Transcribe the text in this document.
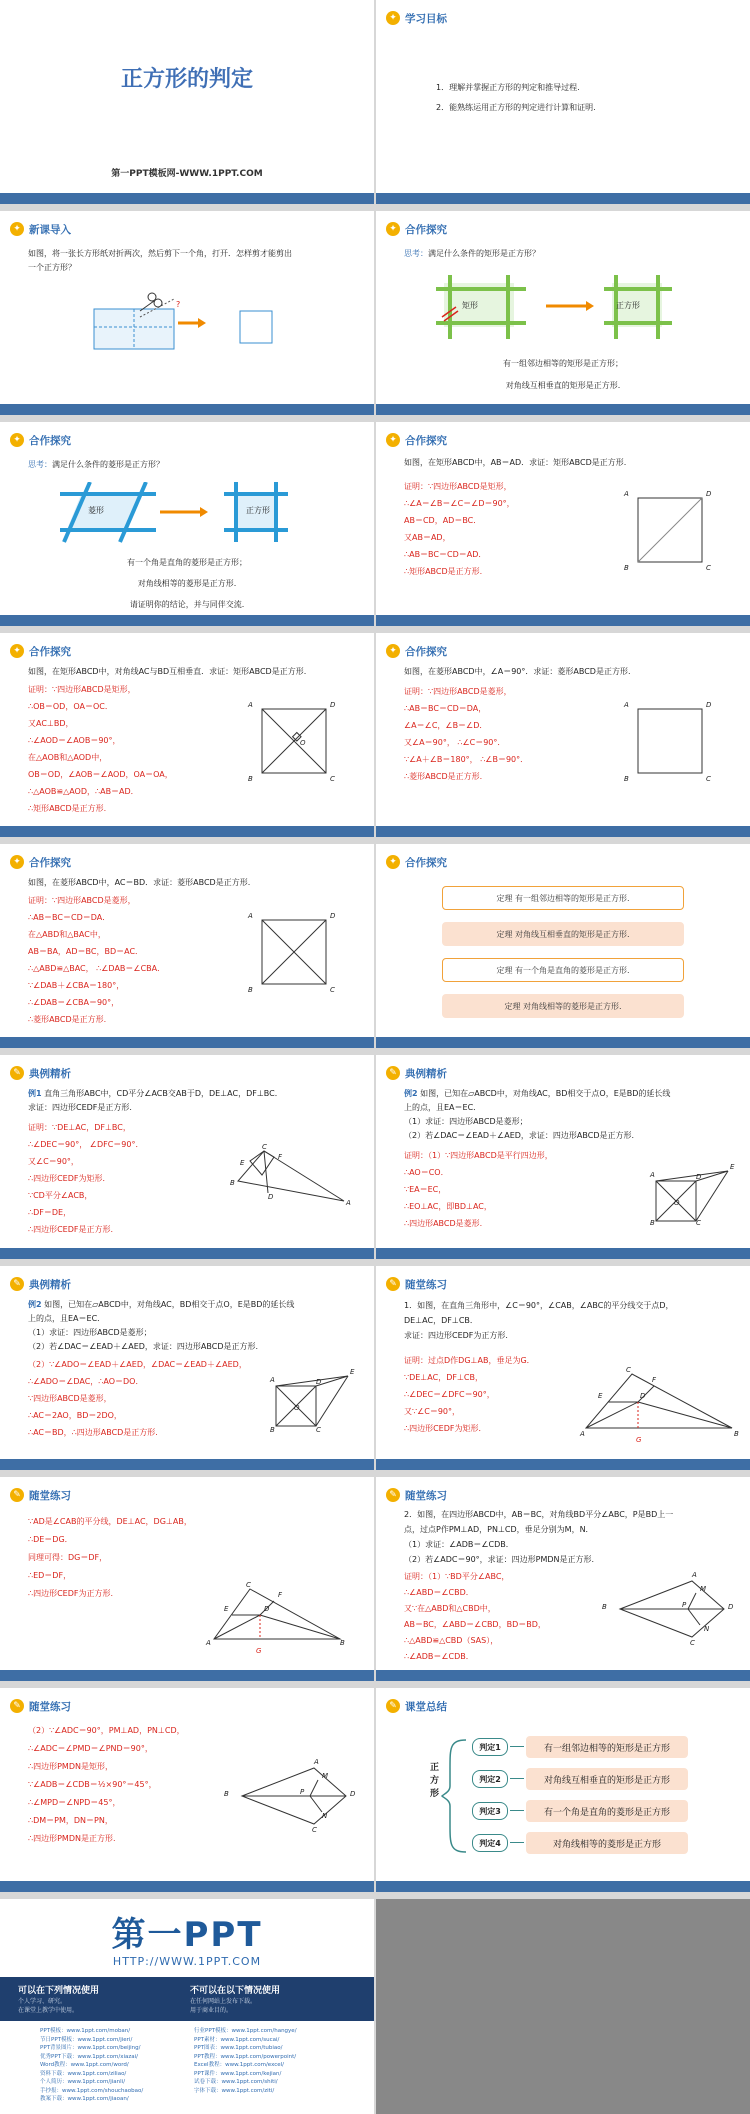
正方形的判定
第一PPT模板网-WWW.1PPT.COM
✦ 学习目标
1．理解并掌握正方形的判定和推导过程.
2．能熟练运用正方形的判定进行计算和证明.
✦ 新课导入
如图，将一张长方形纸对折两次，然后剪下一个角，打开．怎样剪才能剪出
一个正方形？
?
✦ 合作探究
思考：满足什么条件的矩形是正方形？
矩形	正方形
有一组邻边相等的矩形是正方形；
对角线互相垂直的矩形是正方形.
✦ 合作探究
思考：满足什么条件的菱形是正方形？
菱形	正方形
有一个角是直角的菱形是正方形；
对角线相等的菱形是正方形.
请证明你的结论，并与同伴交流.
✦ 合作探究
如图，在矩形ABCD中，AB＝AD．求证：矩形ABCD是正方形.
证明：∵四边形ABCD是矩形，
∴∠A＝∠B＝∠C＝∠D＝90°，
AB＝CD，AD＝BC．
又AB＝AD，
∴AB＝BC＝CD＝AD．
∴矩形ABCD是正方形.
A	D
B	C
✦ 合作探究
如图，在矩形ABCD中，对角线AC与BD互相垂直．求证：矩形ABCD是正方形.
证明：∵四边形ABCD是矩形，
∴OB＝OD，OA＝OC．
又AC⊥BD，
∴∠AOD＝∠AOB＝90°，
在△AOB和△AOD中，
OB＝OD，∠AOB＝∠AOD，OA＝OA，
∴△AOB≌△AOD，∴AB＝AD．
∴矩形ABCD是正方形.
A	D
O
B	C
✦ 合作探究
如图，在菱形ABCD中，∠A＝90°．求证：菱形ABCD是正方形.
证明：∵四边形ABCD是菱形，
∴AB＝BC＝CD＝DA，
∠A＝∠C，∠B＝∠D．
又∠A＝90°， ∴∠C＝90°．
∵∠A＋∠B＝180°， ∴∠B＝90°．
∴菱形ABCD是正方形.
A	D
B	C
✦ 合作探究
如图，在菱形ABCD中，AC＝BD．求证：菱形ABCD是正方形.
证明：∵四边形ABCD是菱形，
∴AB＝BC＝CD＝DA．
在△ABD和△BAC中，
AB＝BA，AD＝BC，BD＝AC．
∴△ABD≌△BAC， ∴∠DAB＝∠CBA．
∵∠DAB＋∠CBA＝180°，
∴∠DAB＝∠CBA＝90°，
∴菱形ABCD是正方形.
A	D
B	C
✦ 合作探究
定理 有一组邻边相等的矩形是正方形.
定理 对角线互相垂直的矩形是正方形.
定理 有一个角是直角的菱形是正方形.
定理 对角线相等的菱形是正方形.
✎ 典例精析
例1 直角三角形ABC中，CD平分∠ACB交AB于D，DE⊥AC，DF⊥BC．
求证：四边形CEDF是正方形.
证明：∵DE⊥AC，DF⊥BC，
∴∠DEC＝90°， ∠DFC＝90°．
又∠C＝90°，
∴四边形CEDF为矩形．
∵CD平分∠ACB，
∴DF＝DE，
∴四边形CEDF是正方形.
C
E
F
B
D
A
✎ 典例精析
例2 如图，已知在▱ABCD中，对角线AC，BD相交于点O，E是BD的延长线
上的点，且EA＝EC．
（1）求证：四边形ABCD是菱形；
（2）若∠DAC＝∠EAD＋∠AED，求证：四边形ABCD是正方形.
证明：（1）∵四边形ABCD是平行四边形，
∴AO＝CO．
∵EA＝EC，
∴EO⊥AC，即BD⊥AC，
∴四边形ABCD是菱形.
A	D
E
O
B	C
✎ 典例精析
例2 如图，已知在▱ABCD中，对角线AC，BD相交于点O，E是BD的延长线
上的点，且EA＝EC．
（1）求证：四边形ABCD是菱形；
（2）若∠DAC＝∠EAD＋∠AED，求证：四边形ABCD是正方形.
（2）∵∠ADO＝∠EAD＋∠AED，∠DAC＝∠EAD＋∠AED，
∴∠ADO＝∠DAC，∴AO＝DO．
∵四边形ABCD是菱形，
∴AC＝2AO，BD＝2DO，
∴AC＝BD，∴四边形ABCD是正方形.
A	D
E
O
B	C
✎ 随堂练习
1．如图，在直角三角形中，∠C＝90°，∠CAB，∠ABC的平分线交于点D，
DE⊥AC，DF⊥CB．
求证：四边形CEDF为正方形.
证明：过点D作DG⊥AB，垂足为G．
∵DE⊥AC，DF⊥CB，
∴∠DEC＝∠DFC＝90°，
又∵∠C＝90°，
∴四边形CEDF为矩形．
C
F
E	D
A
G
B
✎ 随堂练习
∵AD是∠CAB的平分线，DE⊥AC，DG⊥AB，
∴DE＝DG．
同理可得：DG＝DF，
∴ED＝DF，
∴四边形CEDF为正方形.
C
F
E	D
A
G
B
✎ 随堂练习
2．如图，在四边形ABCD中，AB＝BC，对角线BD平分∠ABC，P是BD上一
点，过点P作PM⊥AD，PN⊥CD，垂足分别为M，N．
（1）求证：∠ADB＝∠CDB．
（2）若∠ADC＝90°，求证：四边形PMDN是正方形.
证明：（1）∵BD平分∠ABC，
∴∠ABD＝∠CBD．
又∵在△ABD和△CBD中，
AB＝BC，∠ABD＝∠CBD，BD＝BD，
∴△ABD≌△CBD（SAS），
∴∠ADB＝∠CDB．
A
M
B	P	D
N
C
✎ 随堂练习
（2）∵∠ADC＝90°，PM⊥AD，PN⊥CD，
∴∠ADC＝∠PMD＝∠PND＝90°，
∴四边形PMDN是矩形，
∵∠ADB＝∠CDB＝½×90°＝45°，
∴∠MPD＝∠NPD＝45°，
∴DM＝PM，DN＝PN，
∴四边形PMDN是正方形.
A
M
B	P	D
N
C
✎ 课堂总结
正方形
判定1	有一组邻边相等的矩形是正方形
判定2	对角线互相垂直的矩形是正方形
判定3	有一个角是直角的菱形是正方形
判定4	对角线相等的菱形是正方形
第一PPT
HTTP://WWW.1PPT.COM
可以在下列情况使用
个人学习、研究。
在课堂上教学中使用。
不可以在以下情况使用
在任何网站上发布下载。
用于商业目的。
PPT模板：www.1ppt.com/moban/
节日PPT模板：www.1ppt.com/jieri/
PPT背景图片：www.1ppt.com/beijing/
优秀PPT下载：www.1ppt.com/xiazai/
Word教程：www.1ppt.com/word/
资料下载：www.1ppt.com/ziliao/
个人简历：www.1ppt.com/jianli/
手抄报：www.1ppt.com/shouchaobao/
教案下载：www.1ppt.com/jiaoan/
行业PPT模板：www.1ppt.com/hangye/
PPT素材：www.1ppt.com/sucai/
PPT图表：www.1ppt.com/tubiao/
PPT教程：www.1ppt.com/powerpoint/
Excel教程：www.1ppt.com/excel/
PPT课件：www.1ppt.com/kejian/
试卷下载：www.1ppt.com/shiti/
字体下载：www.1ppt.com/ziti/
